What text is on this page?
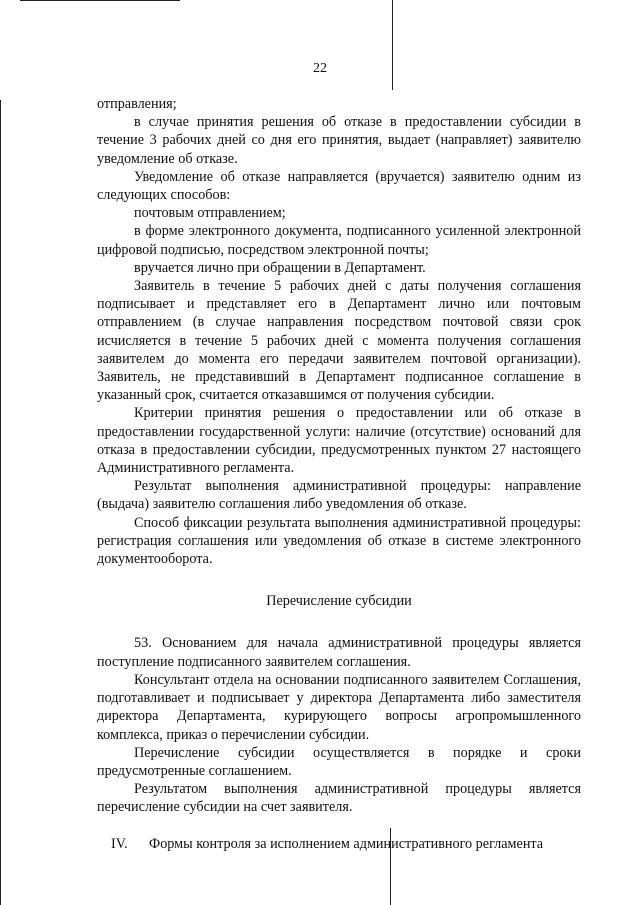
22

отправления;

в случае принятия решения об отказе в предоставлении субсидии в течение 3 рабочих дней со дня его принятия, выдает (направляет) заявителю уведомление об отказе.

Уведомление об отказе направляется (вручается) заявителю одним из следующих способов:

почтовым отправлением;

в форме электронного документа, подписанного усиленной электронной цифровой подписью, посредством электронной почты;

вручается лично при обращении в Департамент.

Заявитель в течение 5 рабочих дней с даты получения соглашения подписывает и представляет его в Департамент лично или почтовым отправлением (в случае направления посредством почтовой связи срок исчисляется в течение 5 рабочих дней с момента получения соглашения заявителем до момента его передачи заявителем почтовой организации). Заявитель, не представивший в Департамент подписанное соглашение в указанный срок, считается отказавшимся от получения субсидии.

Критерии принятия решения о предоставлении или об отказе в предоставлении государственной услуги: наличие (отсутствие) оснований для отказа в предоставлении субсидии, предусмотренных пунктом 27 настоящего Административного регламента.

Результат выполнения административной процедуры: направление (выдача) заявителю соглашения либо уведомления об отказе.

Способ фиксации результата выполнения административной процедуры: регистрация соглашения или уведомления об отказе в системе электронного документооборота.

Перечисление субсидии

53. Основанием для начала административной процедуры является поступление подписанного заявителем соглашения.

Консультант отдела на основании подписанного заявителем Соглашения, подготавливает и подписывает у директора Департамента либо заместителя директора Департамента, курирующего вопросы агропромышленного комплекса, приказ о перечислении субсидии.

Перечисление субсидии осуществляется в порядке и сроки предусмотренные соглашением.

Результатом выполнения административной процедуры является перечисление субсидии на счет заявителя.

IV. Формы контроля за исполнением административного регламента
